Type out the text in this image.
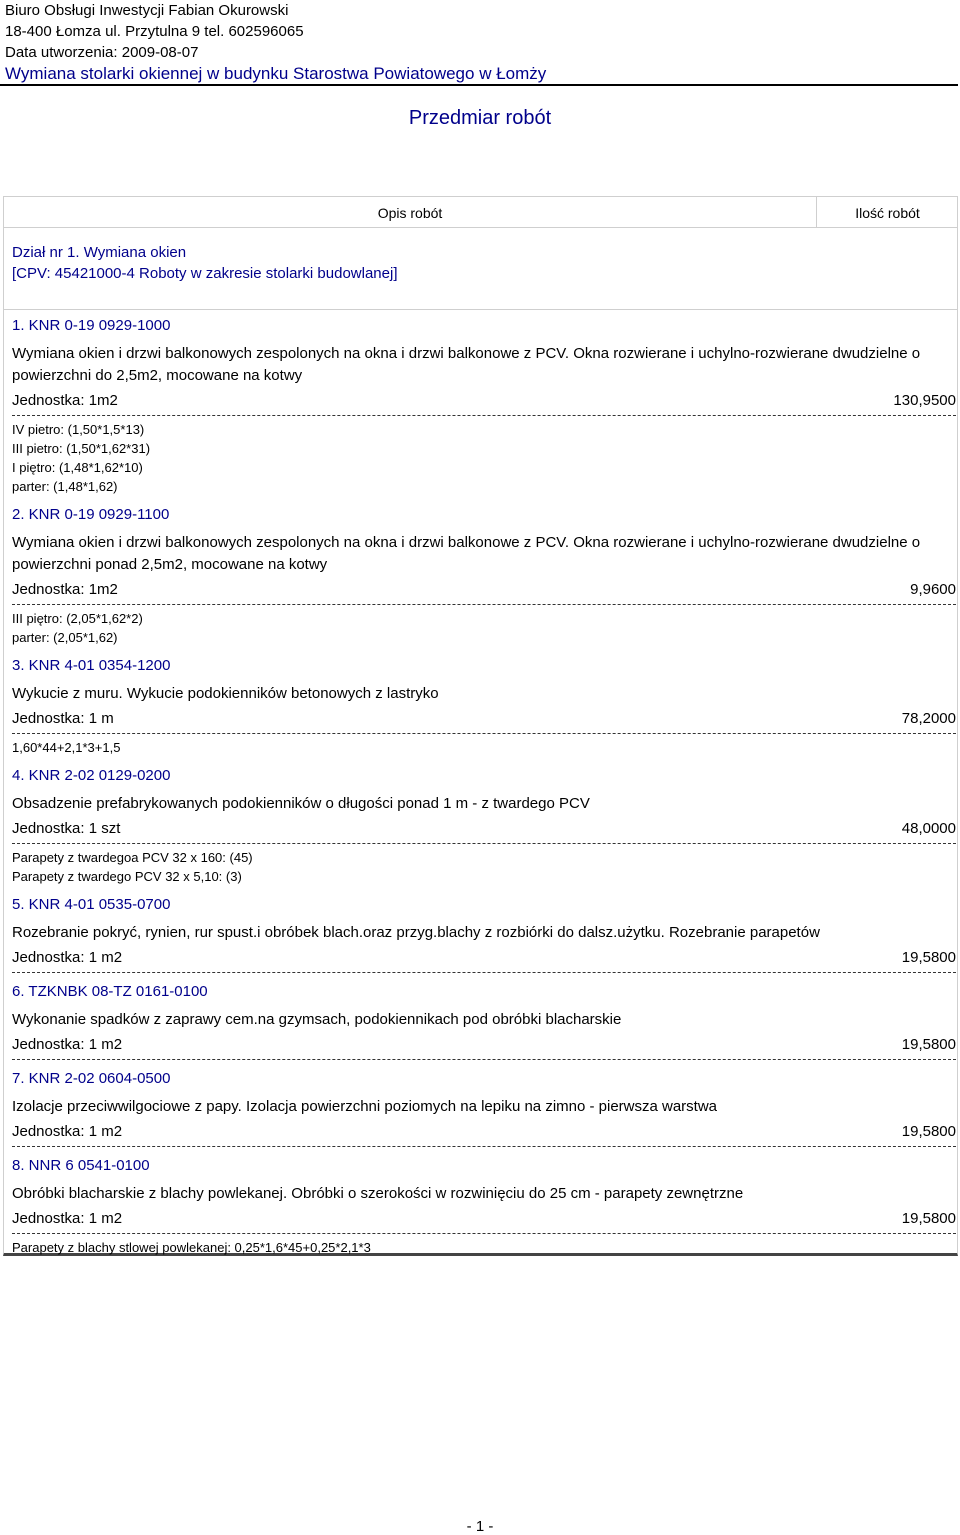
Biuro Obsługi Inwestycji Fabian Okurowski
18-400 Łomza ul. Przytulna 9 tel. 602596065
Data utworzenia: 2009-08-07
Wymiana stolarki okiennej w budynku Starostwa Powiatowego w Łomży
Przedmiar robót
Opis robót	Ilość robót
Dział nr 1. Wymiana okien
[CPV: 45421000-4 Roboty w zakresie stolarki budowlanej]
1. KNR 0-19 0929-1000
Wymiana okien i drzwi balkonowych zespolonych na okna i drzwi balkonowe z PCV. Okna rozwierane i uchylno-rozwierane dwudzielne o powierzchni do 2,5m2, mocowane na kotwy
Jednostka: 1m2	130,9500
IV pietro: (1,50*1,5*13)
III pietro: (1,50*1,62*31)
I piętro: (1,48*1,62*10)
parter: (1,48*1,62)
2. KNR 0-19 0929-1100
Wymiana okien i drzwi balkonowych zespolonych na okna i drzwi balkonowe z PCV. Okna rozwierane i uchylno-rozwierane dwudzielne o powierzchni ponad 2,5m2, mocowane na kotwy
Jednostka: 1m2	9,9600
III piętro: (2,05*1,62*2)
parter: (2,05*1,62)
3. KNR 4-01 0354-1200
Wykucie z muru. Wykucie podokienników betonowych z lastryko
Jednostka: 1 m	78,2000
1,60*44+2,1*3+1,5
4. KNR 2-02 0129-0200
Obsadzenie prefabrykowanych podokienników o długości ponad 1 m - z twardego PCV
Jednostka: 1 szt	48,0000
Parapety z twardegoa PCV 32 x 160: (45)
Parapety z twardego PCV 32 x 5,10: (3)
5. KNR 4-01 0535-0700
Rozebranie pokryć, rynien, rur spust.i obróbek blach.oraz przyg.blachy z rozbiórki do dalsz.użytku. Rozebranie parapetów
Jednostka: 1 m2	19,5800
6. TZKNBK 08-TZ 0161-0100
Wykonanie spadków z zaprawy cem.na gzymsach, podokiennikach pod obróbki blacharskie
Jednostka: 1 m2	19,5800
7. KNR 2-02 0604-0500
Izolacje przeciwwilgociowe z papy. Izolacja powierzchni poziomych na lepiku na zimno - pierwsza warstwa
Jednostka: 1 m2	19,5800
8. NNR 6 0541-0100
Obróbki blacharskie z blachy powlekanej. Obróbki o szerokości w rozwinięciu do 25 cm - parapety zewnętrzne
Jednostka: 1 m2	19,5800
Parapety z blachy stlowej powlekanej: 0,25*1,6*45+0,25*2,1*3
- 1 -
